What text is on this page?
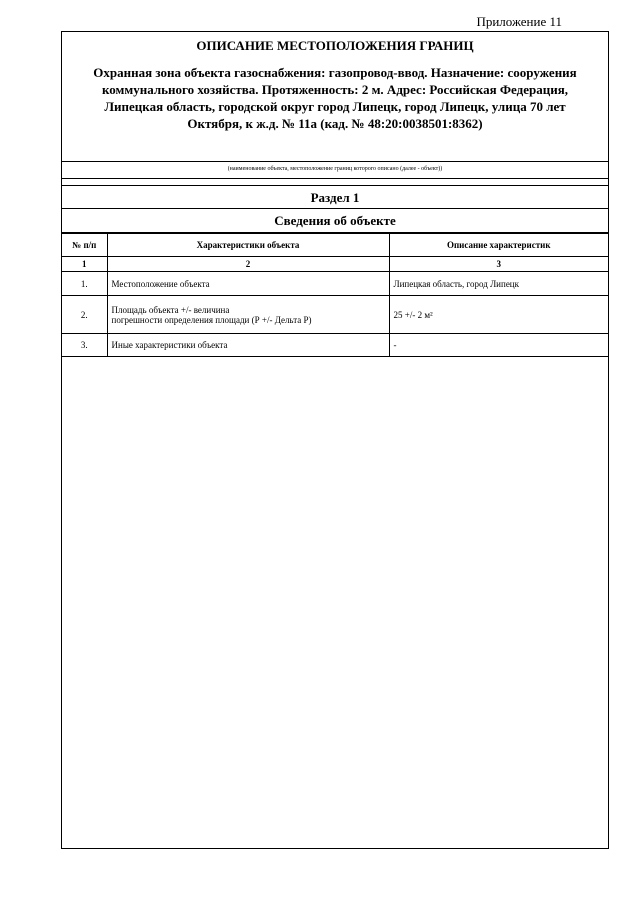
Приложение 11
ОПИСАНИЕ МЕСТОПОЛОЖЕНИЯ ГРАНИЦ
Охранная зона объекта газоснабжения: газопровод-ввод. Назначение: сооружения
коммунального хозяйства. Протяженность: 2 м. Адрес: Российская Федерация,
Липецкая область, городской округ город Липецк, город Липецк, улица 70 лет
Октября, к ж.д. № 11а (кад. № 48:20:0038501:8362)
(наименование объекта, местоположение границ которого описано (далее - объект))
Раздел 1
Сведения об объекте
№ п/п	Характеристики объекта	Описание характеристик
1	2	3
1.	Местоположение объекта	Липецкая область, город Липецк
2.	Площадь объекта +/- величина
погрешности определения площади (Р +/- Дельта Р)	25 +/- 2 м²
3.	Иные характеристики объекта	-
